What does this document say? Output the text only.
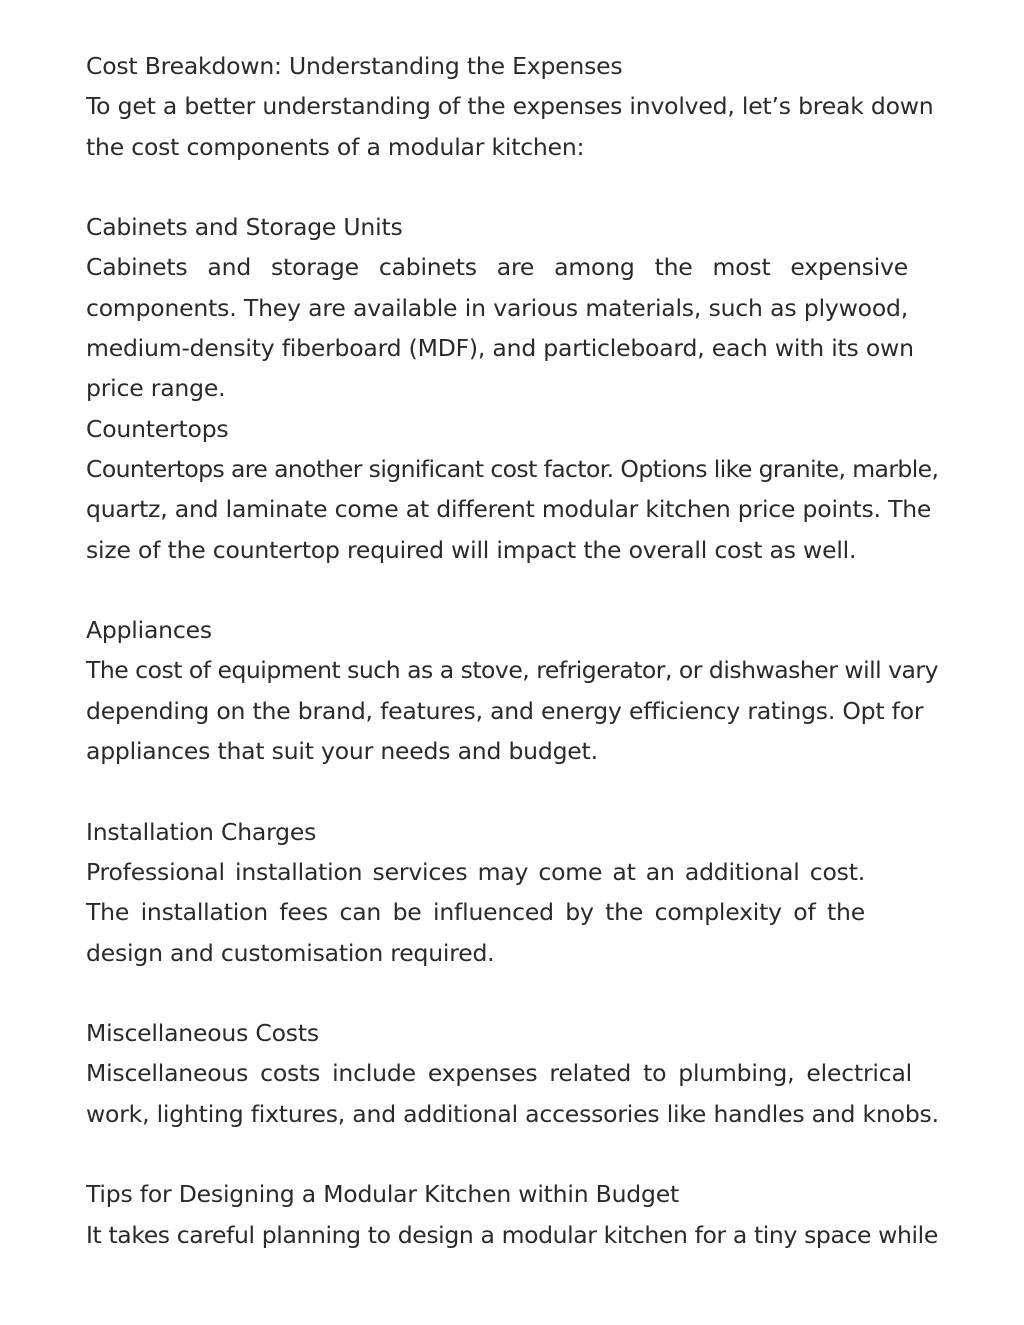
Cost Breakdown: Understanding the Expenses
To get a better understanding of the expenses involved, let’s break down
the cost components of a modular kitchen:
Cabinets and Storage Units
Cabinets and storage cabinets are among the most expensive
components. They are available in various materials, such as plywood,
medium-density fiberboard (MDF), and particleboard, each with its own
price range.
Countertops
Countertops are another significant cost factor. Options like granite, marble,
quartz, and laminate come at different modular kitchen price points. The
size of the countertop required will impact the overall cost as well.
Appliances
The cost of equipment such as a stove, refrigerator, or dishwasher will vary
depending on the brand, features, and energy efficiency ratings. Opt for
appliances that suit your needs and budget.
Installation Charges
Professional installation services may come at an additional cost.
The installation fees can be influenced by the complexity of the
design and customisation required.
Miscellaneous Costs
Miscellaneous costs include expenses related to plumbing, electrical
work, lighting fixtures, and additional accessories like handles and knobs.
Tips for Designing a Modular Kitchen within Budget
It takes careful planning to design a modular kitchen for a tiny space while
